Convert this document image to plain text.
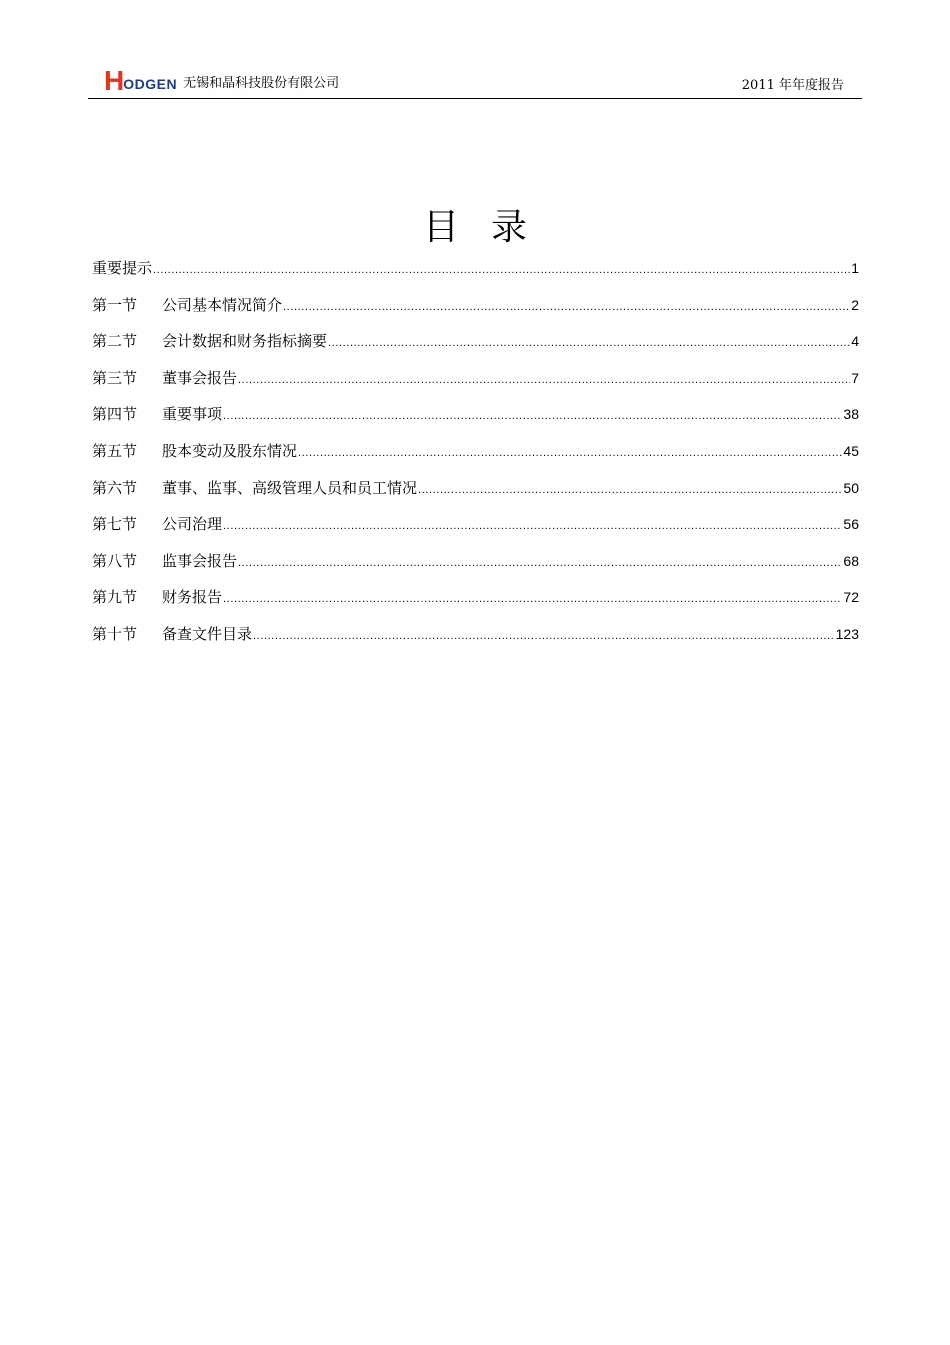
H ODGEN 无锡和晶科技股份有限公司	2011 年年度报告
目录
重要提示 .....	1
第一节	公司基本情况简介 .....	2
第二节	会计数据和财务指标摘要 .....	4
第三节	董事会报告 .....	7
第四节	重要事项 .....	38
第五节	股本变动及股东情况 .....	45
第六节	董事、监事、高级管理人员和员工情况 .....	50
第七节	公司治理 .....	56
第八节	监事会报告 .....	68
第九节	财务报告 .....	72
第十节	备查文件目录 .....	123
